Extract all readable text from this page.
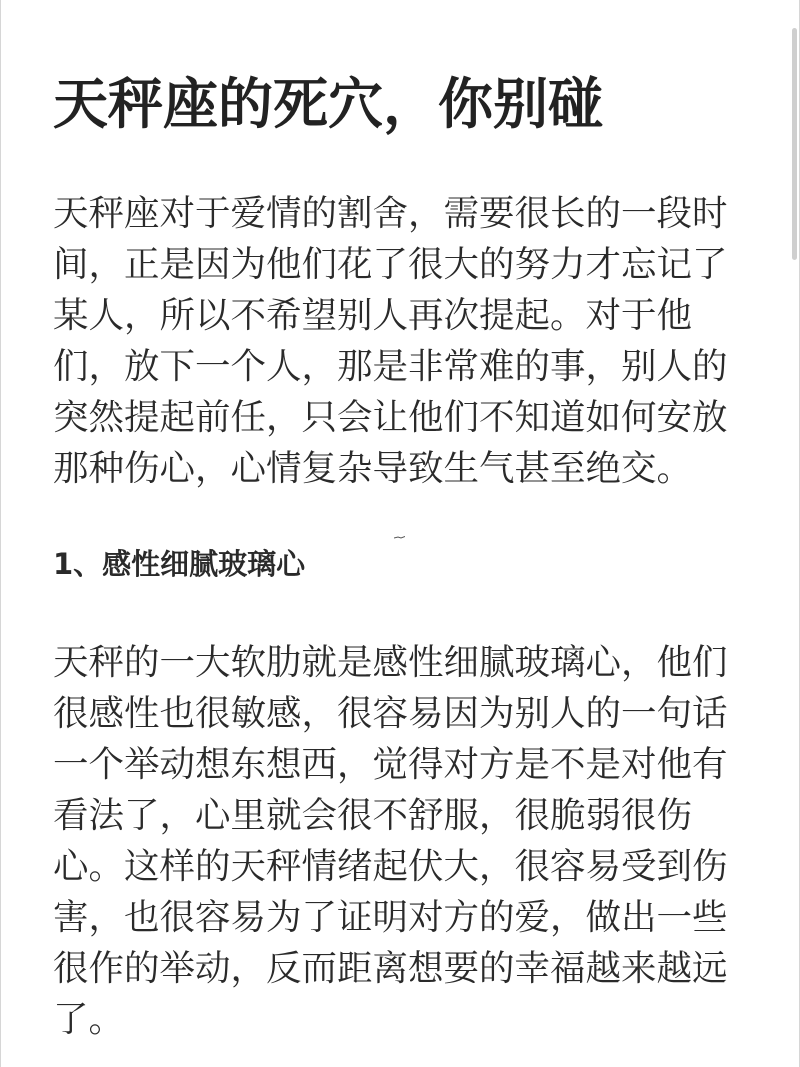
天秤座的死穴，你别碰

天秤座对于爱情的割舍，需要很长的一段时间，正是因为他们花了很大的努力才忘记了某人，所以不希望别人再次提起。对于他们，放下一个人，那是非常难的事，别人的突然提起前任，只会让他们不知道如何安放那种伤心，心情复杂导致生气甚至绝交。

1、感性细腻玻璃心

天秤的一大软肋就是感性细腻玻璃心，他们很感性也很敏感，很容易因为别人的一句话一个举动想东想西，觉得对方是不是对他有看法了，心里就会很不舒服，很脆弱很伤心。这样的天秤情绪起伏大，很容易受到伤害，也很容易为了证明对方的爱，做出一些很作的举动，反而距离想要的幸福越来越远了。
